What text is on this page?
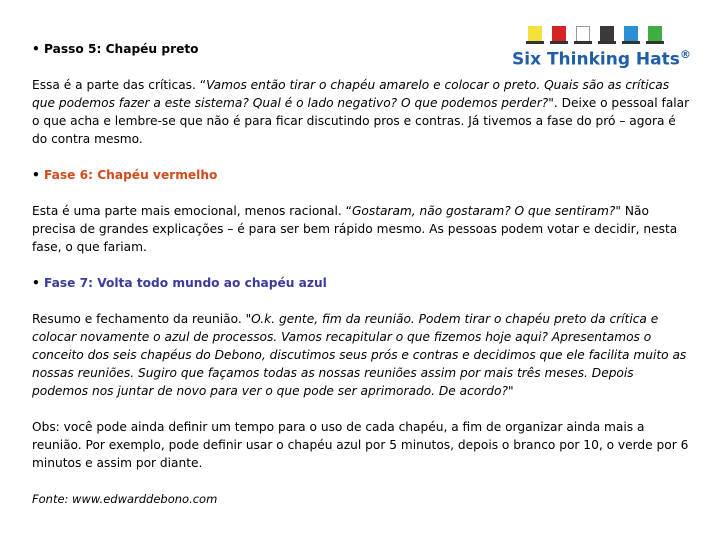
Six Thinking Hats®
• Passo 5: Chapéu preto
Essa é a parte das críticas. “Vamos então tirar o chapéu amarelo e colocar o preto. Quais são as críticas que podemos fazer a este sistema? Qual é o lado negativo? O que podemos perder?". Deixe o pessoal falar o que acha e lembre-se que não é para ficar discutindo pros e contras. Já tivemos a fase do pró – agora é do contra mesmo.
• Fase 6: Chapéu vermelho
Esta é uma parte mais emocional, menos racional. “Gostaram, não gostaram? O que sentiram?" Não precisa de grandes explicações – é para ser bem rápido mesmo. As pessoas podem votar e decidir, nesta fase, o que fariam.
• Fase 7: Volta todo mundo ao chapéu azul
Resumo e fechamento da reunião. "O.k. gente, fim da reunião. Podem tirar o chapéu preto da crítica e colocar novamente o azul de processos. Vamos recapitular o que fizemos hoje aqui? Apresentamos o conceito dos seis chapéus do Debono, discutimos seus prós e contras e decidimos que ele facilita muito as nossas reuniões. Sugiro que façamos todas as nossas reuniões assim por mais três meses. Depois podemos nos juntar de novo para ver o que pode ser aprimorado. De acordo?"
Obs: você pode ainda definir um tempo para o uso de cada chapéu, a fim de organizar ainda mais a reunião. Por exemplo, pode definir usar o chapéu azul por 5 minutos, depois o branco por 10, o verde por 6 minutos e assim por diante.
Fonte: www.edwarddebono.com
